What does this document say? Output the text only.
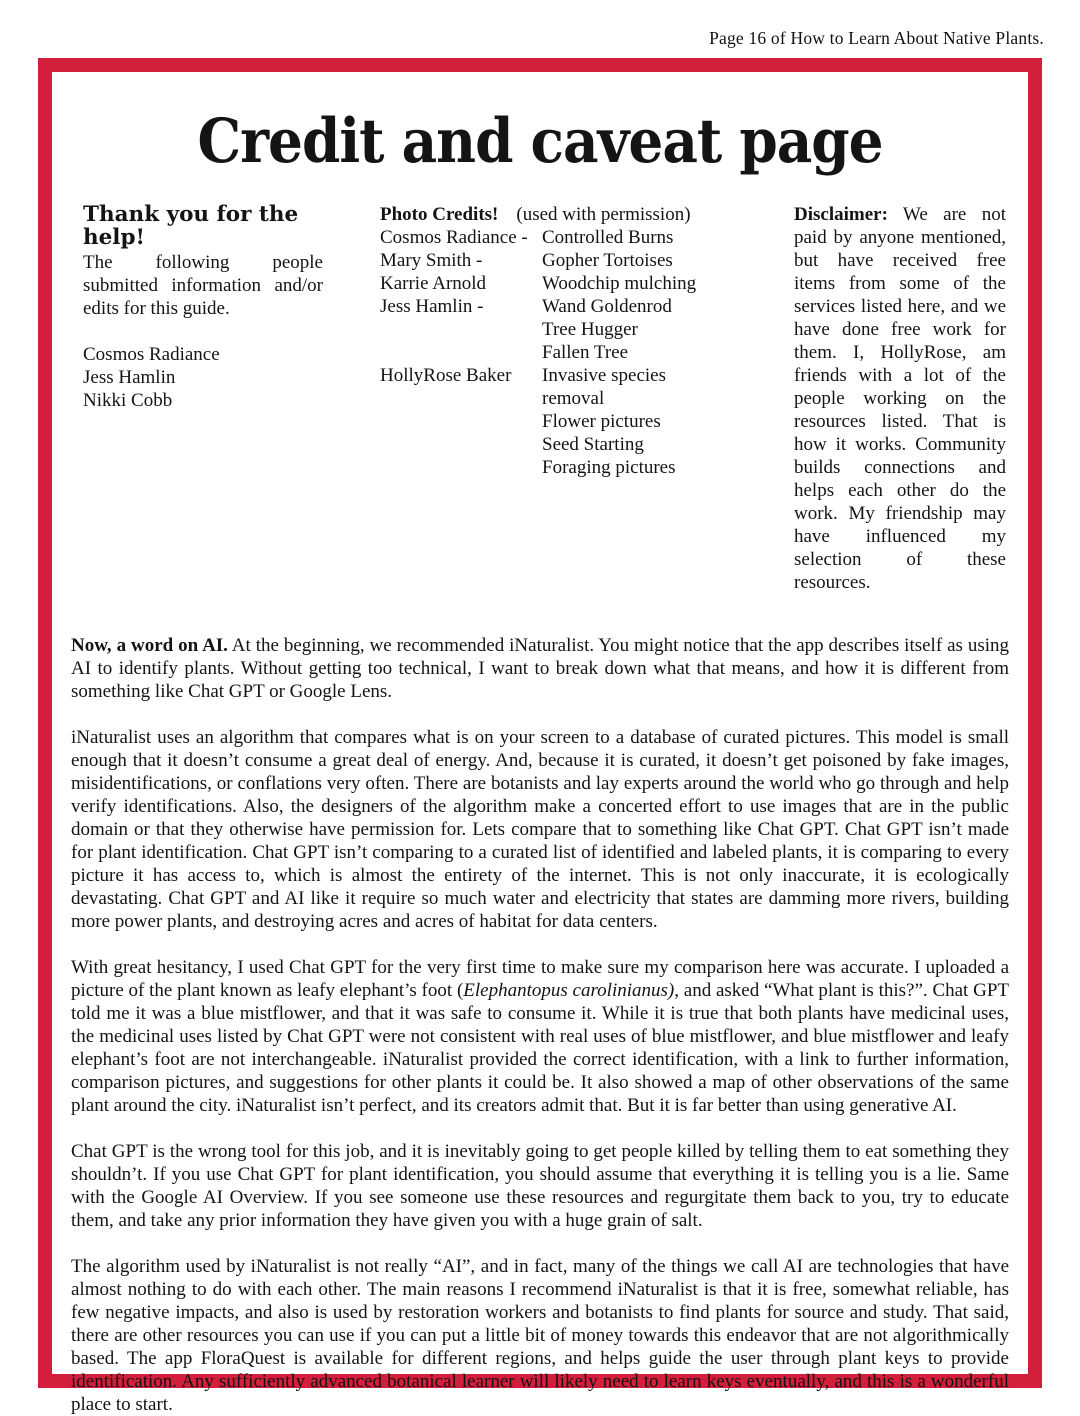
Page 16 of How to Learn About Native Plants.
Credit and caveat page
Thank you for the help!

The following people submitted information and/or edits for this guide.

Cosmos Radiance
Jess Hamlin
Nikki Cobb
Photo Credits! (used with permission)
Cosmos Radiance - Controlled Burns
Mary Smith -	Gopher Tortoises
Karrie Arnold	Woodchip mulching
Jess Hamlin -	Wand Goldenrod
Tree Hugger
Fallen Tree
HollyRose Baker	Invasive species removal
Flower pictures
Seed Starting
Foraging pictures

Disclaimer: We are not paid by anyone mentioned, but have received free items from some of the services listed here, and we have done free work for them. I, HollyRose, am friends with a lot of the people working on the resources listed. That is how it works. Community builds connections and helps each other do the work. My friendship may have influenced my selection of these resources.

Now, a word on AI. At the beginning, we recommended iNaturalist. You might notice that the app describes itself as using AI to identify plants. Without getting too technical, I want to break down what that means, and how it is different from something like Chat GPT or Google Lens.

iNaturalist uses an algorithm that compares what is on your screen to a database of curated pictures. This model is small enough that it doesn’t consume a great deal of energy. And, because it is curated, it doesn’t get poisoned by fake images, misidentifications, or conflations very often. There are botanists and lay experts around the world who go through and help verify identifications. Also, the designers of the algorithm make a concerted effort to use images that are in the public domain or that they otherwise have permission for. Lets compare that to something like Chat GPT. Chat GPT isn’t made for plant identification. Chat GPT isn’t comparing to a curated list of identified and labeled plants, it is comparing to every picture it has access to, which is almost the entirety of the internet. This is not only inaccurate, it is ecologically devastating. Chat GPT and AI like it require so much water and electricity that states are damming more rivers, building more power plants, and destroying acres and acres of habitat for data centers.

With great hesitancy, I used Chat GPT for the very first time to make sure my comparison here was accurate. I uploaded a picture of the plant known as leafy elephant’s foot (Elephantopus carolinianus), and asked “What plant is this?”. Chat GPT told me it was a blue mistflower, and that it was safe to consume it. While it is true that both plants have medicinal uses, the medicinal uses listed by Chat GPT were not consistent with real uses of blue mistflower, and blue mistflower and leafy elephant’s foot are not interchangeable. iNaturalist provided the correct identification, with a link to further information, comparison pictures, and suggestions for other plants it could be. It also showed a map of other observations of the same plant around the city. iNaturalist isn’t perfect, and its creators admit that. But it is far better than using generative AI.

Chat GPT is the wrong tool for this job, and it is inevitably going to get people killed by telling them to eat something they shouldn’t. If you use Chat GPT for plant identification, you should assume that everything it is telling you is a lie. Same with the Google AI Overview. If you see someone use these resources and regurgitate them back to you, try to educate them, and take any prior information they have given you with a huge grain of salt.

The algorithm used by iNaturalist is not really “AI”, and in fact, many of the things we call AI are technologies that have almost nothing to do with each other. The main reasons I recommend iNaturalist is that it is free, somewhat reliable, has few negative impacts, and also is used by restoration workers and botanists to find plants for source and study. That said, there are other resources you can use if you can put a little bit of money towards this endeavor that are not algorithmically based. The app FloraQuest is available for different regions, and helps guide the user through plant keys to provide identification. Any sufficiently advanced botanical learner will likely need to learn keys eventually, and this is a wonderful place to start.
